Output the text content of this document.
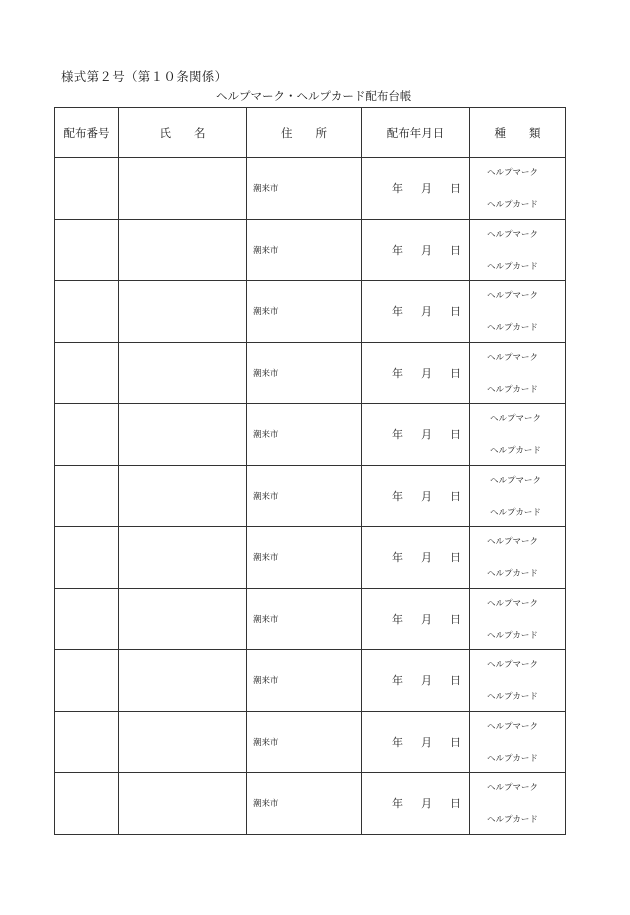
様式第２号（第１０条関係）
ヘルプマーク・ヘルプカード配布台帳
配布番号	氏　　名	住　　所	配布年月日	種　　類
		潮来市	年 月 日	ヘルプマーク
ヘルプカード

		潮来市	年 月 日	ヘルプマーク
ヘルプカード

		潮来市	年 月 日	ヘルプマーク
ヘルプカード

		潮来市	年 月 日	ヘルプマーク
ヘルプカード

		潮来市	年 月 日	ヘルプマーク
ヘルプカード

		潮来市	年 月 日	ヘルプマーク
ヘルプカード

		潮来市	年 月 日	ヘルプマーク
ヘルプカード

		潮来市	年 月 日	ヘルプマーク
ヘルプカード

		潮来市	年 月 日	ヘルプマーク
ヘルプカード

		潮来市	年 月 日	ヘルプマーク
ヘルプカード

		潮来市	年 月 日	ヘルプマーク
ヘルプカード
